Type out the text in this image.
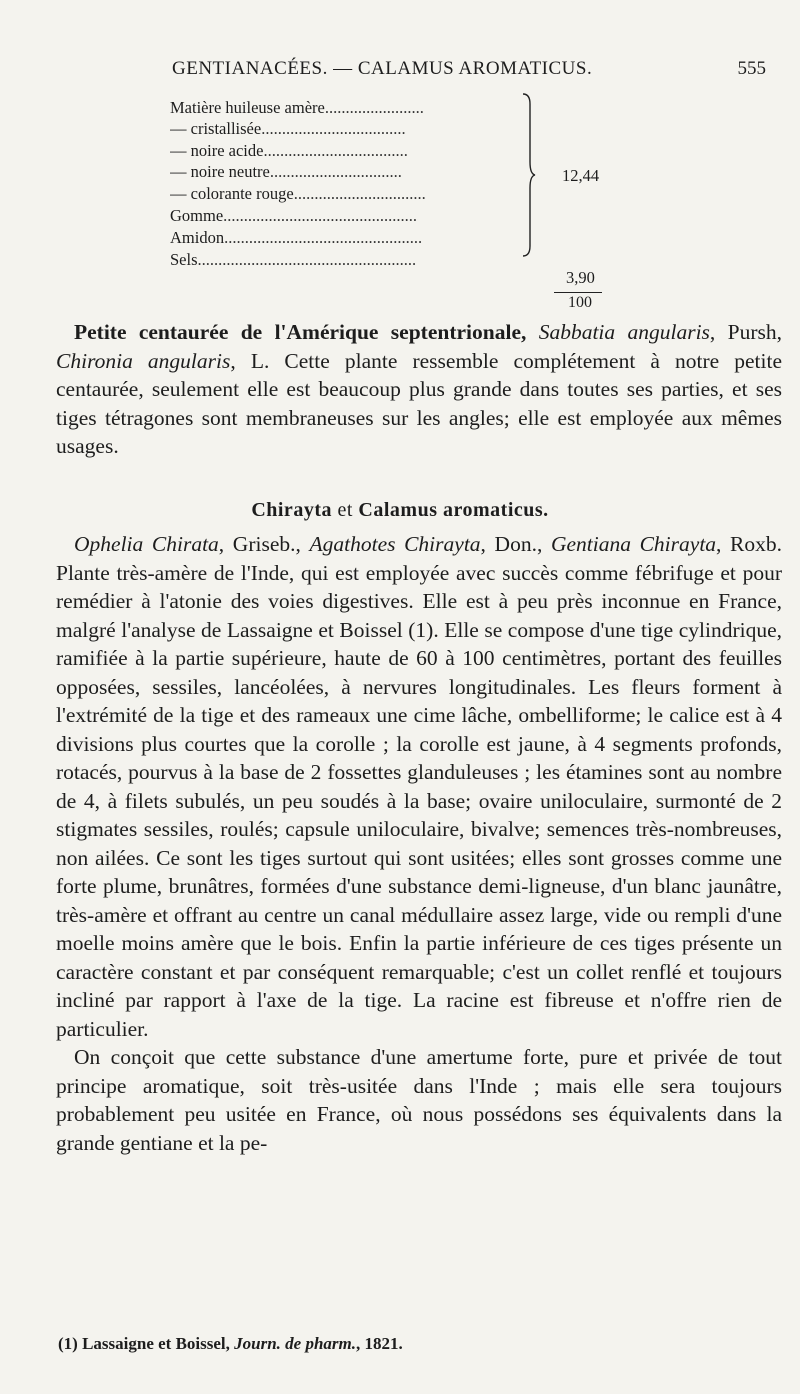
GENTIANACÉES. — CALAMUS AROMATICUS.	555
Matière huileuse amère........................
— cristallisée...................................
— noire acide...................................
— noire neutre................................
— colorante rouge................................
Gomme...............................................
Amidon................................................
Sels.....................................................
12,44
3,90
100

Petite centaurée de l'Amérique septentrionale, Sabbatia angularis, Pursh, Chironia angularis, L. Cette plante ressemble complétement à notre petite centaurée, seulement elle est beaucoup plus grande dans toutes ses parties, et ses tiges tétragones sont membraneuses sur les angles; elle est employée aux mêmes usages.

Chirayta et Calamus aromaticus.

Ophelia Chirata, Griseb., Agathotes Chirayta, Don., Gentiana Chirayta, Roxb. Plante très-amère de l'Inde, qui est employée avec succès comme fébrifuge et pour remédier à l'atonie des voies digestives. Elle est à peu près inconnue en France, malgré l'analyse de Lassaigne et Boissel (1). Elle se compose d'une tige cylindrique, ramifiée à la partie supérieure, haute de 60 à 100 centimètres, portant des feuilles opposées, sessiles, lancéolées, à nervures longitudinales. Les fleurs forment à l'extrémité de la tige et des rameaux une cime lâche, ombelliforme; le calice est à 4 divisions plus courtes que la corolle ; la corolle est jaune, à 4 segments profonds, rotacés, pourvus à la base de 2 fossettes glanduleuses ; les étamines sont au nombre de 4, à filets subulés, un peu soudés à la base; ovaire uniloculaire, surmonté de 2 stigmates sessiles, roulés; capsule uniloculaire, bivalve; semences très-nombreuses, non ailées. Ce sont les tiges surtout qui sont usitées; elles sont grosses comme une forte plume, brunâtres, formées d'une substance demi-ligneuse, d'un blanc jaunâtre, très-amère et offrant au centre un canal médullaire assez large, vide ou rempli d'une moelle moins amère que le bois. Enfin la partie inférieure de ces tiges présente un caractère constant et par conséquent remarquable; c'est un collet renflé et toujours incliné par rapport à l'axe de la tige. La racine est fibreuse et n'offre rien de particulier.

On conçoit que cette substance d'une amertume forte, pure et privée de tout principe aromatique, soit très-usitée dans l'Inde ; mais elle sera toujours probablement peu usitée en France, où nous possédons ses équivalents dans la grande gentiane et la pe-

(1) Lassaigne et Boissel, Journ. de pharm., 1821.
